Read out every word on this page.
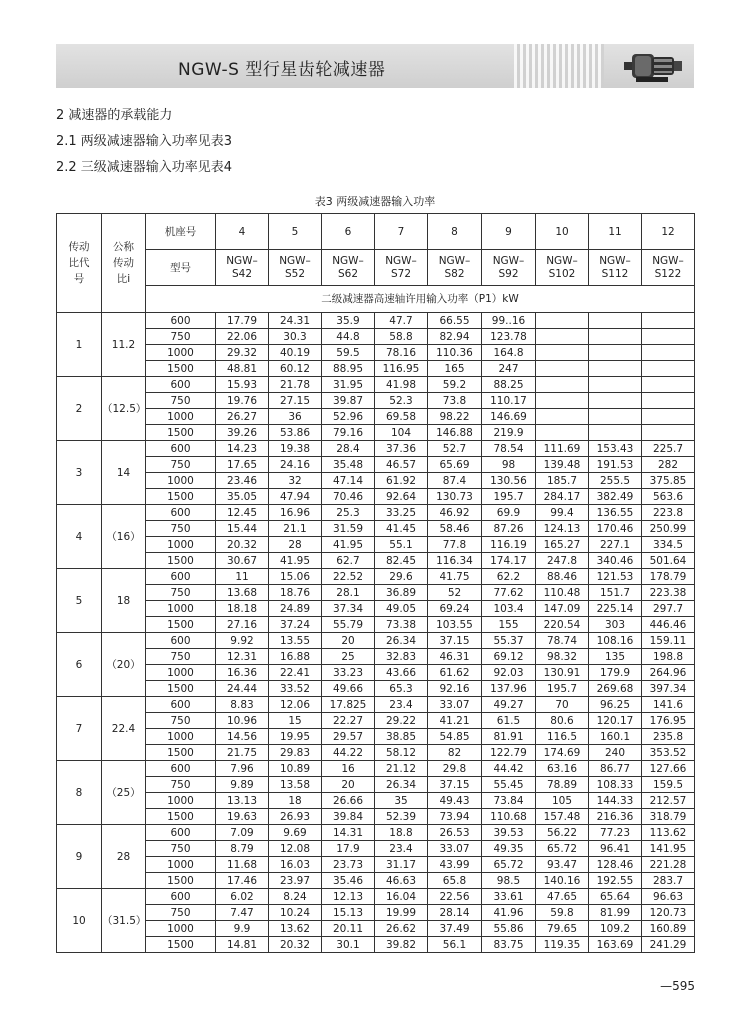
NGW-S 型行星齿轮减速器
2 减速器的承载能力
2.1 两级减速器输入功率见表3
2.2 三级减速器输入功率见表4
表3 两级减速器输入功率
传动比代号	公称传动比i	机座号	4	5	6	7	8	9	10	11	12
		型号	NGW–S42	NGW–S52	NGW–S62	NGW–S72	NGW–S82	NGW–S92	NGW–S102	NGW–S112	NGW–S122
		二级减速器高速轴许用输入功率（P1）kW									
1	11.2	600	17.79	24.31	35.9	47.7	66.55	99..16			
		750	22.06	30.3	44.8	58.8	82.94	123.78			
		1000	29.32	40.19	59.5	78.16	110.36	164.8			
		1500	48.81	60.12	88.95	116.95	165	247			
2	（12.5）	600	15.93	21.78	31.95	41.98	59.2	88.25			
		750	19.76	27.15	39.87	52.3	73.8	110.17			
		1000	26.27	36	52.96	69.58	98.22	146.69			
		1500	39.26	53.86	79.16	104	146.88	219.9			
3	14	600	14.23	19.38	28.4	37.36	52.7	78.54	111.69	153.43	225.7
		750	17.65	24.16	35.48	46.57	65.69	98	139.48	191.53	282
		1000	23.46	32	47.14	61.92	87.4	130.56	185.7	255.5	375.85
		1500	35.05	47.94	70.46	92.64	130.73	195.7	284.17	382.49	563.6
4	（16）	600	12.45	16.96	25.3	33.25	46.92	69.9	99.4	136.55	223.8
		750	15.44	21.1	31.59	41.45	58.46	87.26	124.13	170.46	250.99
		1000	20.32	28	41.95	55.1	77.8	116.19	165.27	227.1	334.5
		1500	30.67	41.95	62.7	82.45	116.34	174.17	247.8	340.46	501.64
5	18	600	11	15.06	22.52	29.6	41.75	62.2	88.46	121.53	178.79
		750	13.68	18.76	28.1	36.89	52	77.62	110.48	151.7	223.38
		1000	18.18	24.89	37.34	49.05	69.24	103.4	147.09	225.14	297.7
		1500	27.16	37.24	55.79	73.38	103.55	155	220.54	303	446.46
6	（20）	600	9.92	13.55	20	26.34	37.15	55.37	78.74	108.16	159.11
		750	12.31	16.88	25	32.83	46.31	69.12	98.32	135	198.8
		1000	16.36	22.41	33.23	43.66	61.62	92.03	130.91	179.9	264.96
		1500	24.44	33.52	49.66	65.3	92.16	137.96	195.7	269.68	397.34
7	22.4	600	8.83	12.06	17.825	23.4	33.07	49.27	70	96.25	141.6
		750	10.96	15	22.27	29.22	41.21	61.5	80.6	120.17	176.95
		1000	14.56	19.95	29.57	38.85	54.85	81.91	116.5	160.1	235.8
		1500	21.75	29.83	44.22	58.12	82	122.79	174.69	240	353.52
8	（25）	600	7.96	10.89	16	21.12	29.8	44.42	63.16	86.77	127.66
		750	9.89	13.58	20	26.34	37.15	55.45	78.89	108.33	159.5
		1000	13.13	18	26.66	35	49.43	73.84	105	144.33	212.57
		1500	19.63	26.93	39.84	52.39	73.94	110.68	157.48	216.36	318.79
9	28	600	7.09	9.69	14.31	18.8	26.53	39.53	56.22	77.23	113.62
		750	8.79	12.08	17.9	23.4	33.07	49.35	65.72	96.41	141.95
		1000	11.68	16.03	23.73	31.17	43.99	65.72	93.47	128.46	221.28
		1500	17.46	23.97	35.46	46.63	65.8	98.5	140.16	192.55	283.7
10	（31.5）	600	6.02	8.24	12.13	16.04	22.56	33.61	47.65	65.64	96.63
		750	7.47	10.24	15.13	19.99	28.14	41.96	59.8	81.99	120.73
		1000	9.9	13.62	20.11	26.62	37.49	55.86	79.65	109.2	160.89
		1500	14.81	20.32	30.1	39.82	56.1	83.75	119.35	163.69	241.29
— 595
